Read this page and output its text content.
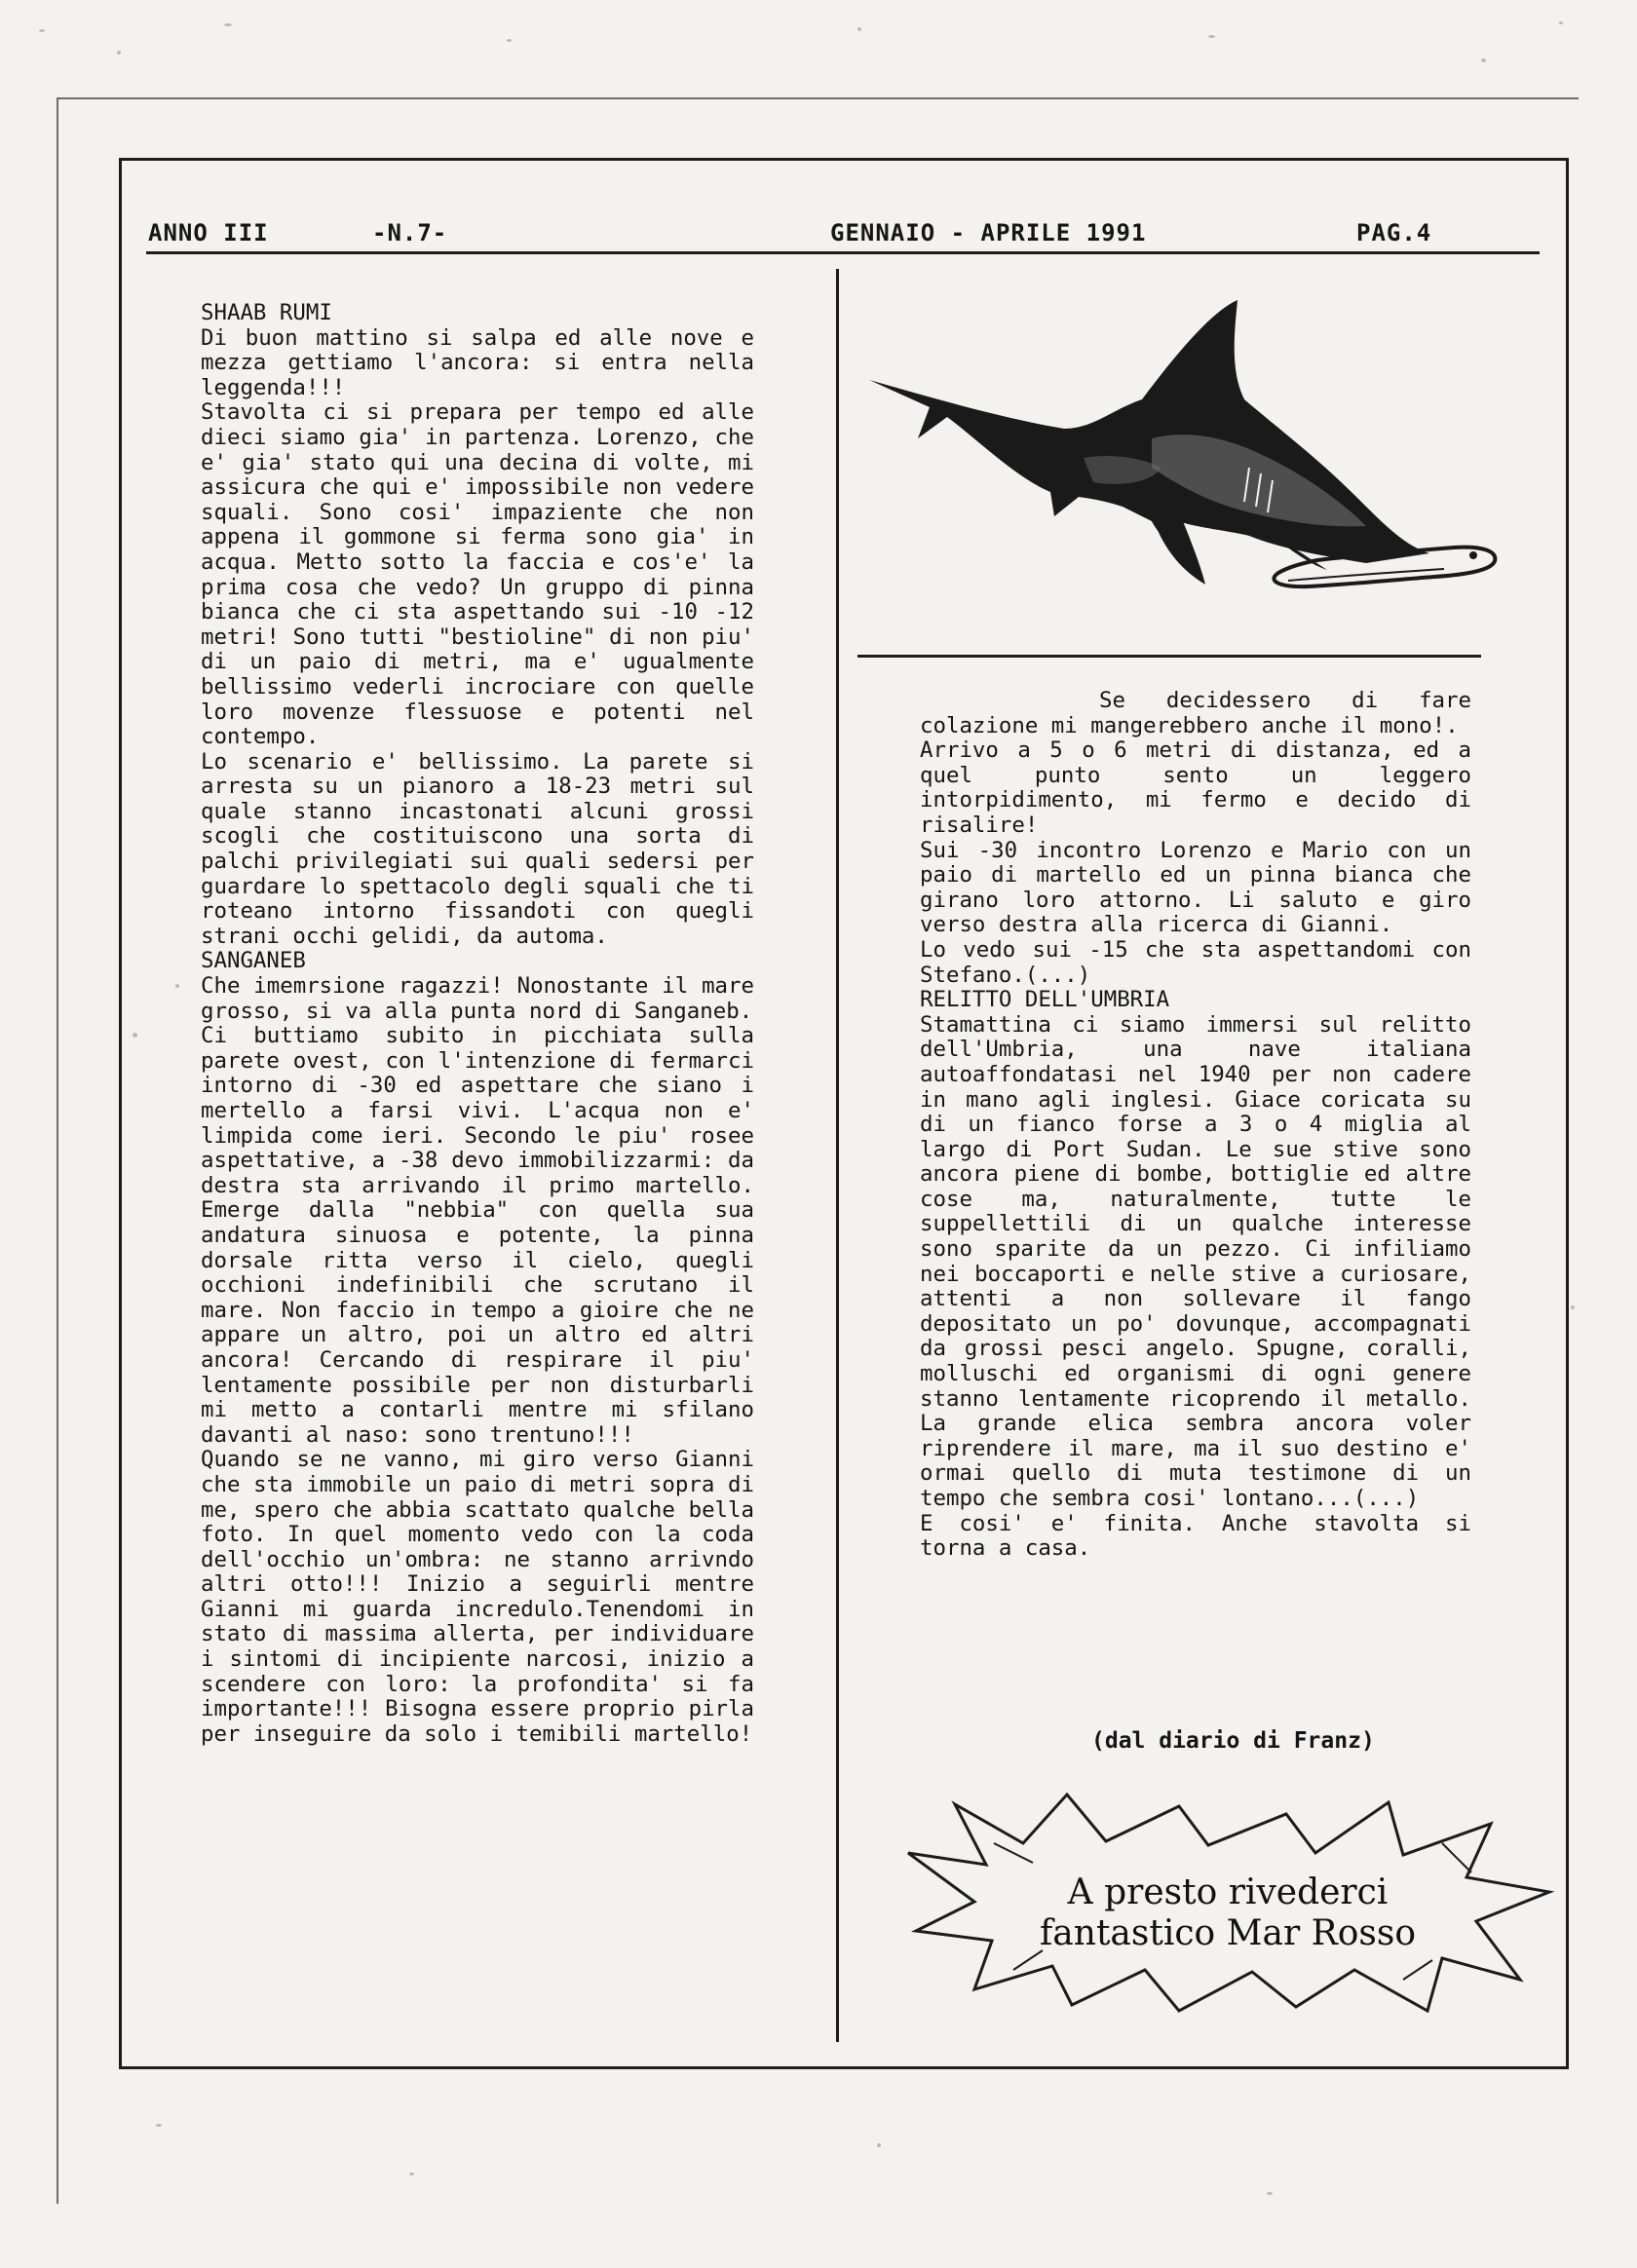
ANNO III	-N.7-	GENNAIO - APRILE 1991	PAG.4

SHAAB RUMI

Di buon mattino si salpa ed alle nove e mezza gettiamo l'ancora: si entra nella leggenda!!!

Stavolta ci si prepara per tempo ed alle dieci siamo gia' in partenza. Lorenzo, che e' gia' stato qui una decina di volte, mi assicura che qui e' impossibile non vedere squali. Sono cosi' impaziente che non appena il gommone si ferma sono gia' in acqua. Metto sotto la faccia e cos'e' la prima cosa che vedo? Un gruppo di pinna bianca che ci sta aspettando sui -10 -12 metri! Sono tutti "bestioline" di non piu' di un paio di metri, ma e' ugualmente bellissimo vederli incrociare con quelle loro movenze flessuose e potenti nel contempo.

Lo scenario e' bellissimo. La parete si arresta su un pianoro a 18-23 metri sul quale stanno incastonati alcuni grossi scogli che costituiscono una sorta di palchi privilegiati sui quali sedersi per guardare lo spettacolo degli squali che ti roteano intorno fissandoti con quegli strani occhi gelidi, da automa.

SANGANEB

Che imemrsione ragazzi! Nonostante il mare grosso, si va alla punta nord di Sanganeb.

Ci buttiamo subito in picchiata sulla parete ovest, con l'intenzione di fermarci intorno di -30 ed aspettare che siano i mertello a farsi vivi. L'acqua non e' limpida come ieri. Secondo le piu' rosee aspettative, a -38 devo immobilizzarmi: da destra sta arrivando il primo martello. Emerge dalla "nebbia" con quella sua andatura sinuosa e potente, la pinna dorsale ritta verso il cielo, quegli occhioni indefinibili che scrutano il mare. Non faccio in tempo a gioire che ne appare un altro, poi un altro ed altri ancora! Cercando di respirare il piu' lentamente possibile per non disturbarli mi metto a contarli mentre mi sfilano davanti al naso: sono trentuno!!!

Quando se ne vanno, mi giro verso Gianni che sta immobile un paio di metri sopra di me, spero che abbia scattato qualche bella foto. In quel momento vedo con la coda dell'occhio un'ombra: ne stanno arrivndo altri otto!!! Inizio a seguirli mentre Gianni mi guarda incredulo.Tenendomi in stato di massima allerta, per individuare i sintomi di incipiente narcosi, inizio a scendere con loro: la profondita' si fa importante!!! Bisogna essere proprio pirla per inseguire da solo i temibili martello!

Se decidessero di fare colazione mi mangerebbero anche il mono!.

Arrivo a 5 o 6 metri di distanza, ed a quel punto sento un leggero intorpidimento, mi fermo e decido di risalire!

Sui -30 incontro Lorenzo e Mario con un paio di martello ed un pinna bianca che girano loro attorno. Li saluto e giro verso destra alla ricerca di Gianni.

Lo vedo sui -15 che sta aspettandomi con Stefano.(...)

RELITTO DELL'UMBRIA

Stamattina ci siamo immersi sul relitto dell'Umbria, una nave italiana autoaffondatasi nel 1940 per non cadere in mano agli inglesi. Giace coricata su di un fianco forse a 3 o 4 miglia al largo di Port Sudan. Le sue stive sono ancora piene di bombe, bottiglie ed altre cose ma, naturalmente, tutte le suppellettili di un qualche interesse sono sparite da un pezzo. Ci infiliamo nei boccaporti e nelle stive a curiosare, attenti a non sollevare il fango depositato un po' dovunque, accompagnati da grossi pesci angelo. Spugne, coralli, molluschi ed organismi di ogni genere stanno lentamente ricoprendo il metallo. La grande elica sembra ancora voler riprendere il mare, ma il suo destino e' ormai quello di muta testimone di un tempo che sembra cosi' lontano...(...)

E cosi' e' finita. Anche stavolta si torna a casa.

(dal diario di Franz)
A presto rivederci
fantastico Mar Rosso
